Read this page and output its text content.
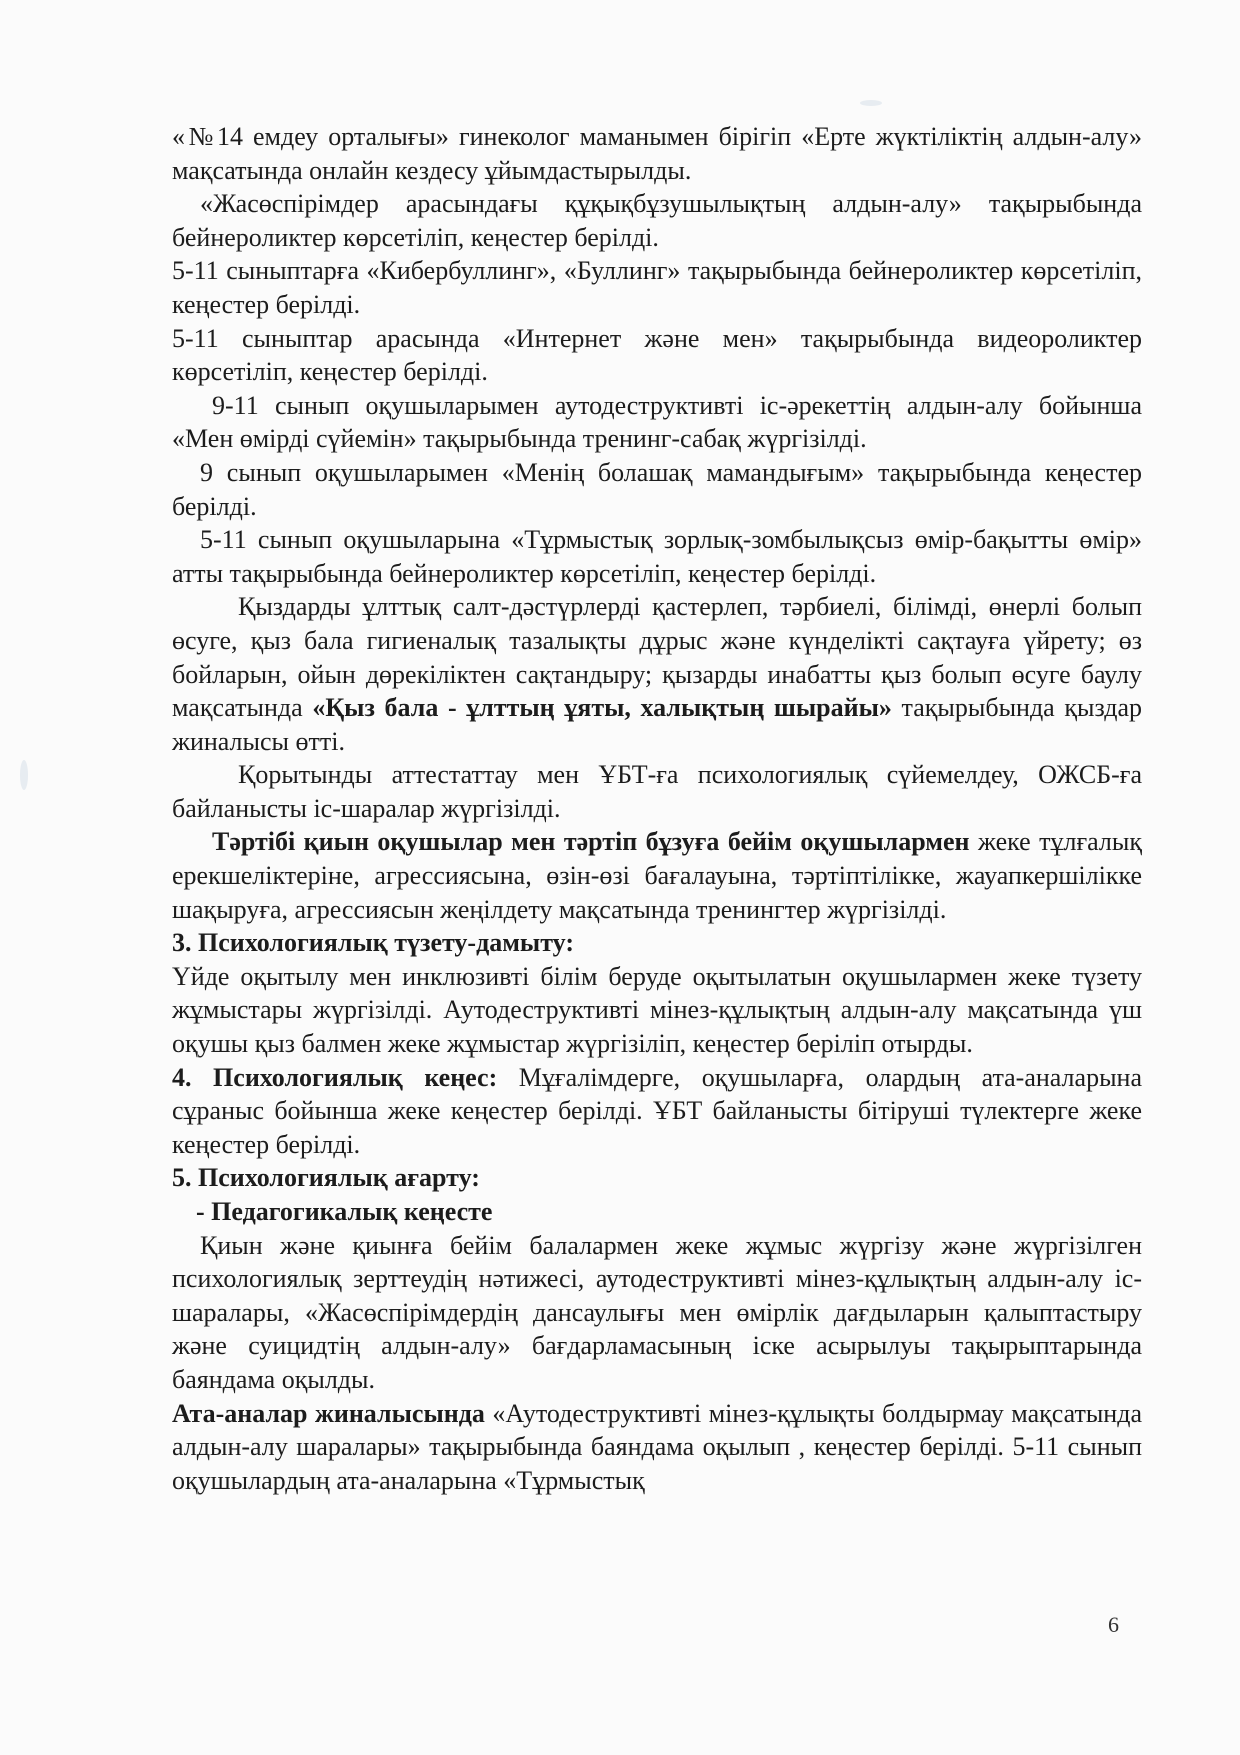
«№14 емдеу орталығы» гинеколог маманымен бірігіп «Ерте жүктіліктің алдын-алу» мақсатында онлайн кездесу ұйымдастырылды.

«Жасөспірімдер арасындағы құқықбұзушылықтың алдын-алу» тақырыбында бейнероликтер көрсетіліп, кеңестер берілді.

5-11 сыныптарға «Кибербуллинг», «Буллинг» тақырыбында бейнероликтер көрсетіліп, кеңестер берілді.

5-11 сыныптар арасында «Интернет және мен» тақырыбында видеороликтер көрсетіліп, кеңестер берілді.

9-11 сынып оқушыларымен аутодеструктивті іс-әрекеттің алдын-алу бойынша «Мен өмірді сүйемін» тақырыбында тренинг-сабақ жүргізілді.

9 сынып оқушыларымен «Менің болашақ мамандығым» тақырыбында кеңестер берілді.

5-11 сынып оқушыларына «Тұрмыстық зорлық-зомбылықсыз өмір-бақытты өмір» атты тақырыбында бейнероликтер көрсетіліп, кеңестер берілді.

Қыздарды ұлттық салт-дәстүрлерді қастерлеп, тәрбиелі, білімді, өнерлі болып өсуге, қыз бала гигиеналық тазалықты дұрыс және күнделікті сақтауға үйрету; өз бойларын, ойын дөрекіліктен сақтандыру; қызарды инабатты қыз болып өсуге баулу мақсатында «Қыз бала - ұлттың ұяты, халықтың шырайы» тақырыбында қыздар жиналысы өтті.

Қорытынды аттестаттау мен ҰБТ-ға психологиялық сүйемелдеу, ОЖСБ-ға байланысты іс-шаралар жүргізілді.

Тәртібі қиын оқушылар мен тәртіп бұзуға бейім оқушылармен жеке тұлғалық ерекшеліктеріне, агрессиясына, өзін-өзі бағалауына, тәртіптілікке, жауапкершілікке шақыруға, агрессиясын жеңілдету мақсатында тренингтер жүргізілді.

3. Психологиялық түзету-дамыту:

Үйде оқытылу мен инклюзивті білім беруде оқытылатын оқушылармен жеке түзету жұмыстары жүргізілді. Аутодеструктивті мінез-құлықтың алдын-алу мақсатында үш оқушы қыз балмен жеке жұмыстар жүргізіліп, кеңестер беріліп отырды.

4. Психологиялық кеңес: Мұғалімдерге, оқушыларға, олардың ата-аналарына сұраныс бойынша жеке кеңестер берілді. ҰБТ байланысты бітіруші түлектерге жеке кеңестер берілді.

5. Психологиялық ағарту:

- Педагогикалық кеңесте

Қиын және қиынға бейім балалармен жеке жұмыс жүргізу және жүргізілген психологиялық зерттеудің нәтижесі, аутодеструктивті мінез-құлықтың алдын-алу іс-шаралары, «Жасөспірімдердің дансаулығы мен өмірлік дағдыларын қалыптастыру және суицидтің алдын-алу» бағдарламасының іске асырылуы тақырыптарында баяндама оқылды.

Ата-аналар жиналысында «Аутодеструктивті мінез-құлықты болдырмау мақсатында алдын-алу шаралары» тақырыбында баяндама оқылып , кеңестер берілді. 5-11 сынып оқушылардың ата-аналарына «Тұрмыстық

6
